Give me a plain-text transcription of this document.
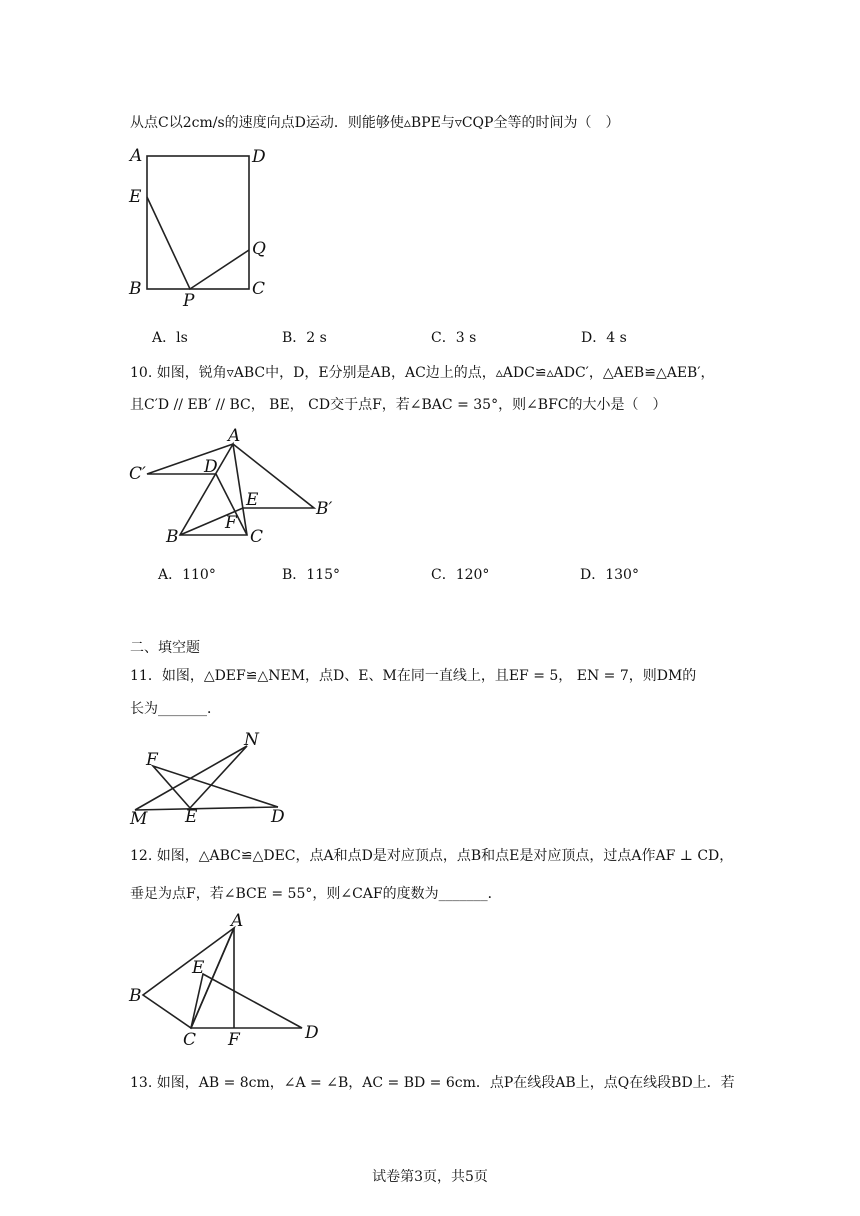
从点C以2cm/s的速度向点D运动．则能够使▵BPE与▿CQP全等的时间为（　）
A	D
E
Q
B
P
C
A．ls	B．2 s	C．3 s	D．4 s
10. 如图，锐角▿ABC中，D，E分别是AB，AC边上的点，▵ADC≌▵ADC′，△AEB≌△AEB′，
且C′D // EB′ // BC， BE， CD交于点F，若∠BAC = 35°，则∠BFC的大小是（　）
A
C′	D
E	B′
F
B	C
A．110°	B．115°	C．120°	D．130°
二、填空题
11．如图，△DEF≌△NEM，点D、E、M在同一直线上，且EF = 5， EN = 7，则DM的
长为_______．
N
F
M E	D
12. 如图，△ABC≌△DEC，点A和点D是对应顶点，点B和点E是对应顶点，过点A作AF ⊥ CD，
垂足为点F，若∠BCE = 55°，则∠CAF的度数为_______．
A
E
B
C F	D
13. 如图，AB = 8cm，∠A = ∠B，AC = BD = 6cm．点P在线段AB上，点Q在线段BD上．若
试卷第3页，共5页
